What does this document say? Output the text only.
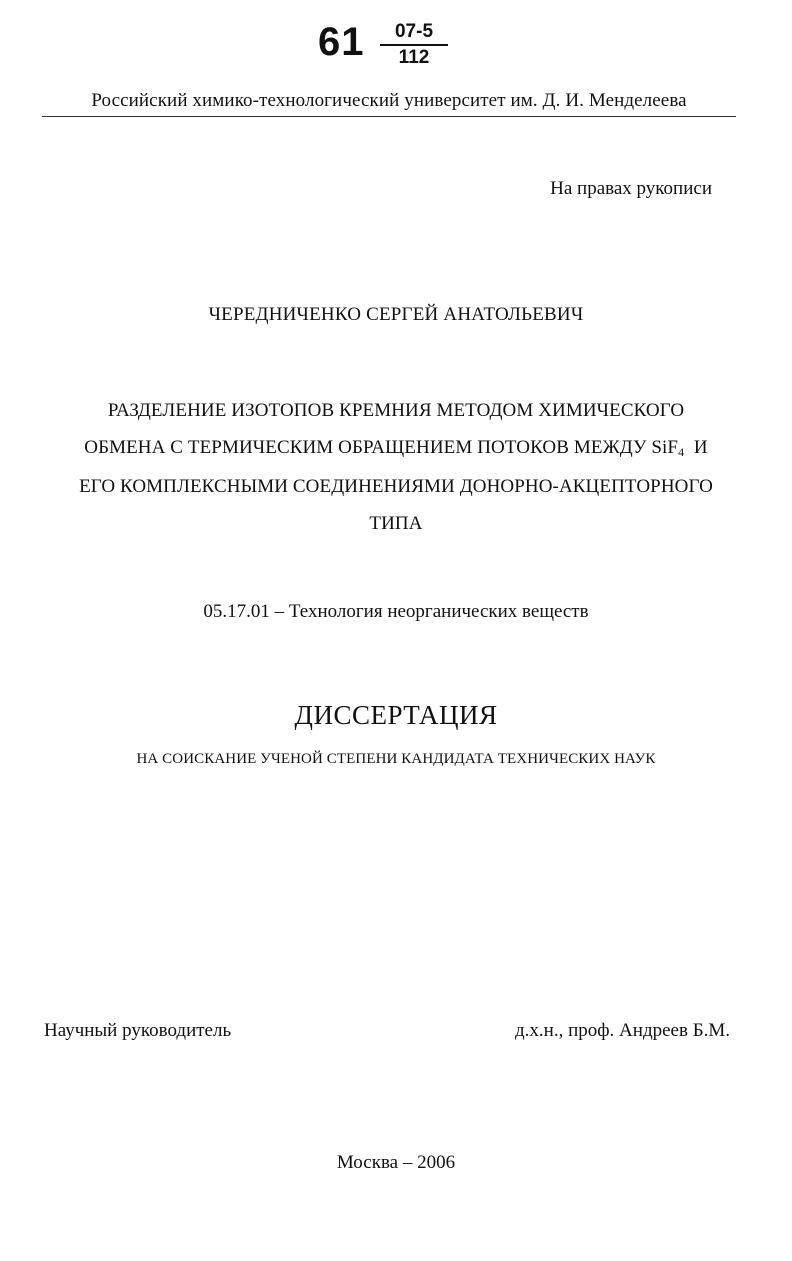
61	07-5
112
Российский химико-технологический университет им. Д. И. Менделеева
На правах рукописи
ЧЕРЕДНИЧЕНКО СЕРГЕЙ АНАТОЛЬЕВИЧ
РАЗДЕЛЕНИЕ ИЗОТОПОВ КРЕМНИЯ МЕТОДОМ ХИМИЧЕСКОГО
ОБМЕНА С ТЕРМИЧЕСКИМ ОБРАЩЕНИЕМ ПОТОКОВ МЕЖДУ SiF$_4$  И
ЕГО КОМПЛЕКСНЫМИ СОЕДИНЕНИЯМИ ДОНОРНО-АКЦЕПТОРНОГО
ТИПА
05.17.01 – Технология неорганических веществ
ДИССЕРТАЦИЯ
НА СОИСКАНИЕ УЧЕНОЙ СТЕПЕНИ КАНДИДАТА ТЕХНИЧЕСКИХ НАУК
Научный руководитель	д.х.н., проф. Андреев Б.М.
Москва – 2006
